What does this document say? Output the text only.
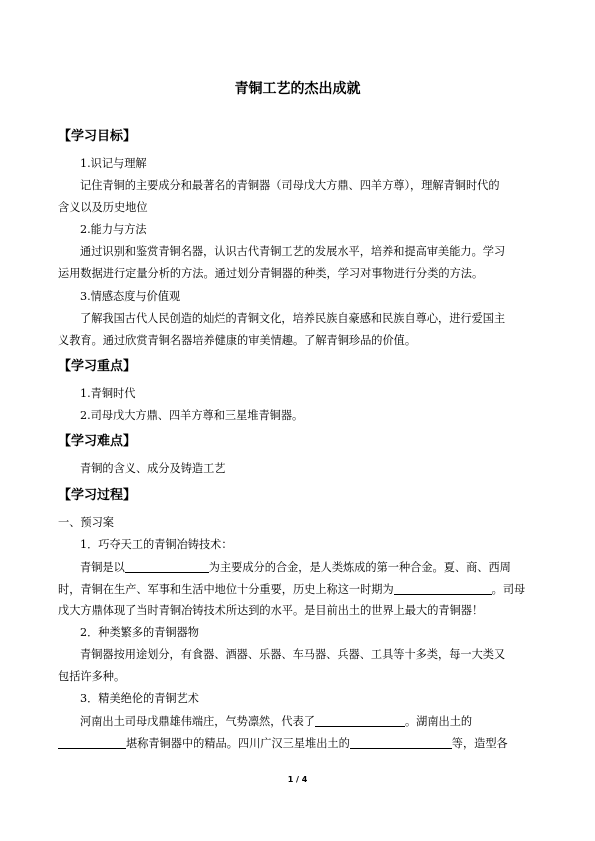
青铜工艺的杰出成就
【学习目标】
1.识记与理解
记住青铜的主要成分和最著名的青铜器（司母戊大方鼎、四羊方尊），理解青铜时代的
含义以及历史地位
2.能力与方法
通过识别和鉴赏青铜名器，认识古代青铜工艺的发展水平，培养和提高审美能力。学习
运用数据进行定量分析的方法。通过划分青铜器的种类，学习对事物进行分类的方法。
3.情感态度与价值观
了解我国古代人民创造的灿烂的青铜文化，培养民族自豪感和民族自尊心，进行爱国主
义教育。通过欣赏青铜名器培养健康的审美情趣。了解青铜珍品的价值。
【学习重点】
1.青铜时代
2.司母戊大方鼎、四羊方尊和三星堆青铜器。
【学习难点】
青铜的含义、成分及铸造工艺
【学习过程】
一、预习案
1．巧夺天工的青铜冶铸技术：
青铜是以	为主要成分的合金，是人类炼成的第一种合金。夏、商、西周
时，青铜在生产、军事和生活中地位十分重要，历史上称这一时期为	。司母
戊大方鼎体现了当时青铜冶铸技术所达到的水平。是目前出土的世界上最大的青铜器！
2．种类繁多的青铜器物
青铜器按用途划分，有食器、酒器、乐器、车马器、兵器、工具等十多类，每一大类又
包括许多种。
3．精美绝伦的青铜艺术
河南出土司母戊鼎雄伟端庄，气势凛然，代表了	。湖南出土的
堪称青铜器中的精品。四川广汉三星堆出土的	等，造型各
1 / 4
